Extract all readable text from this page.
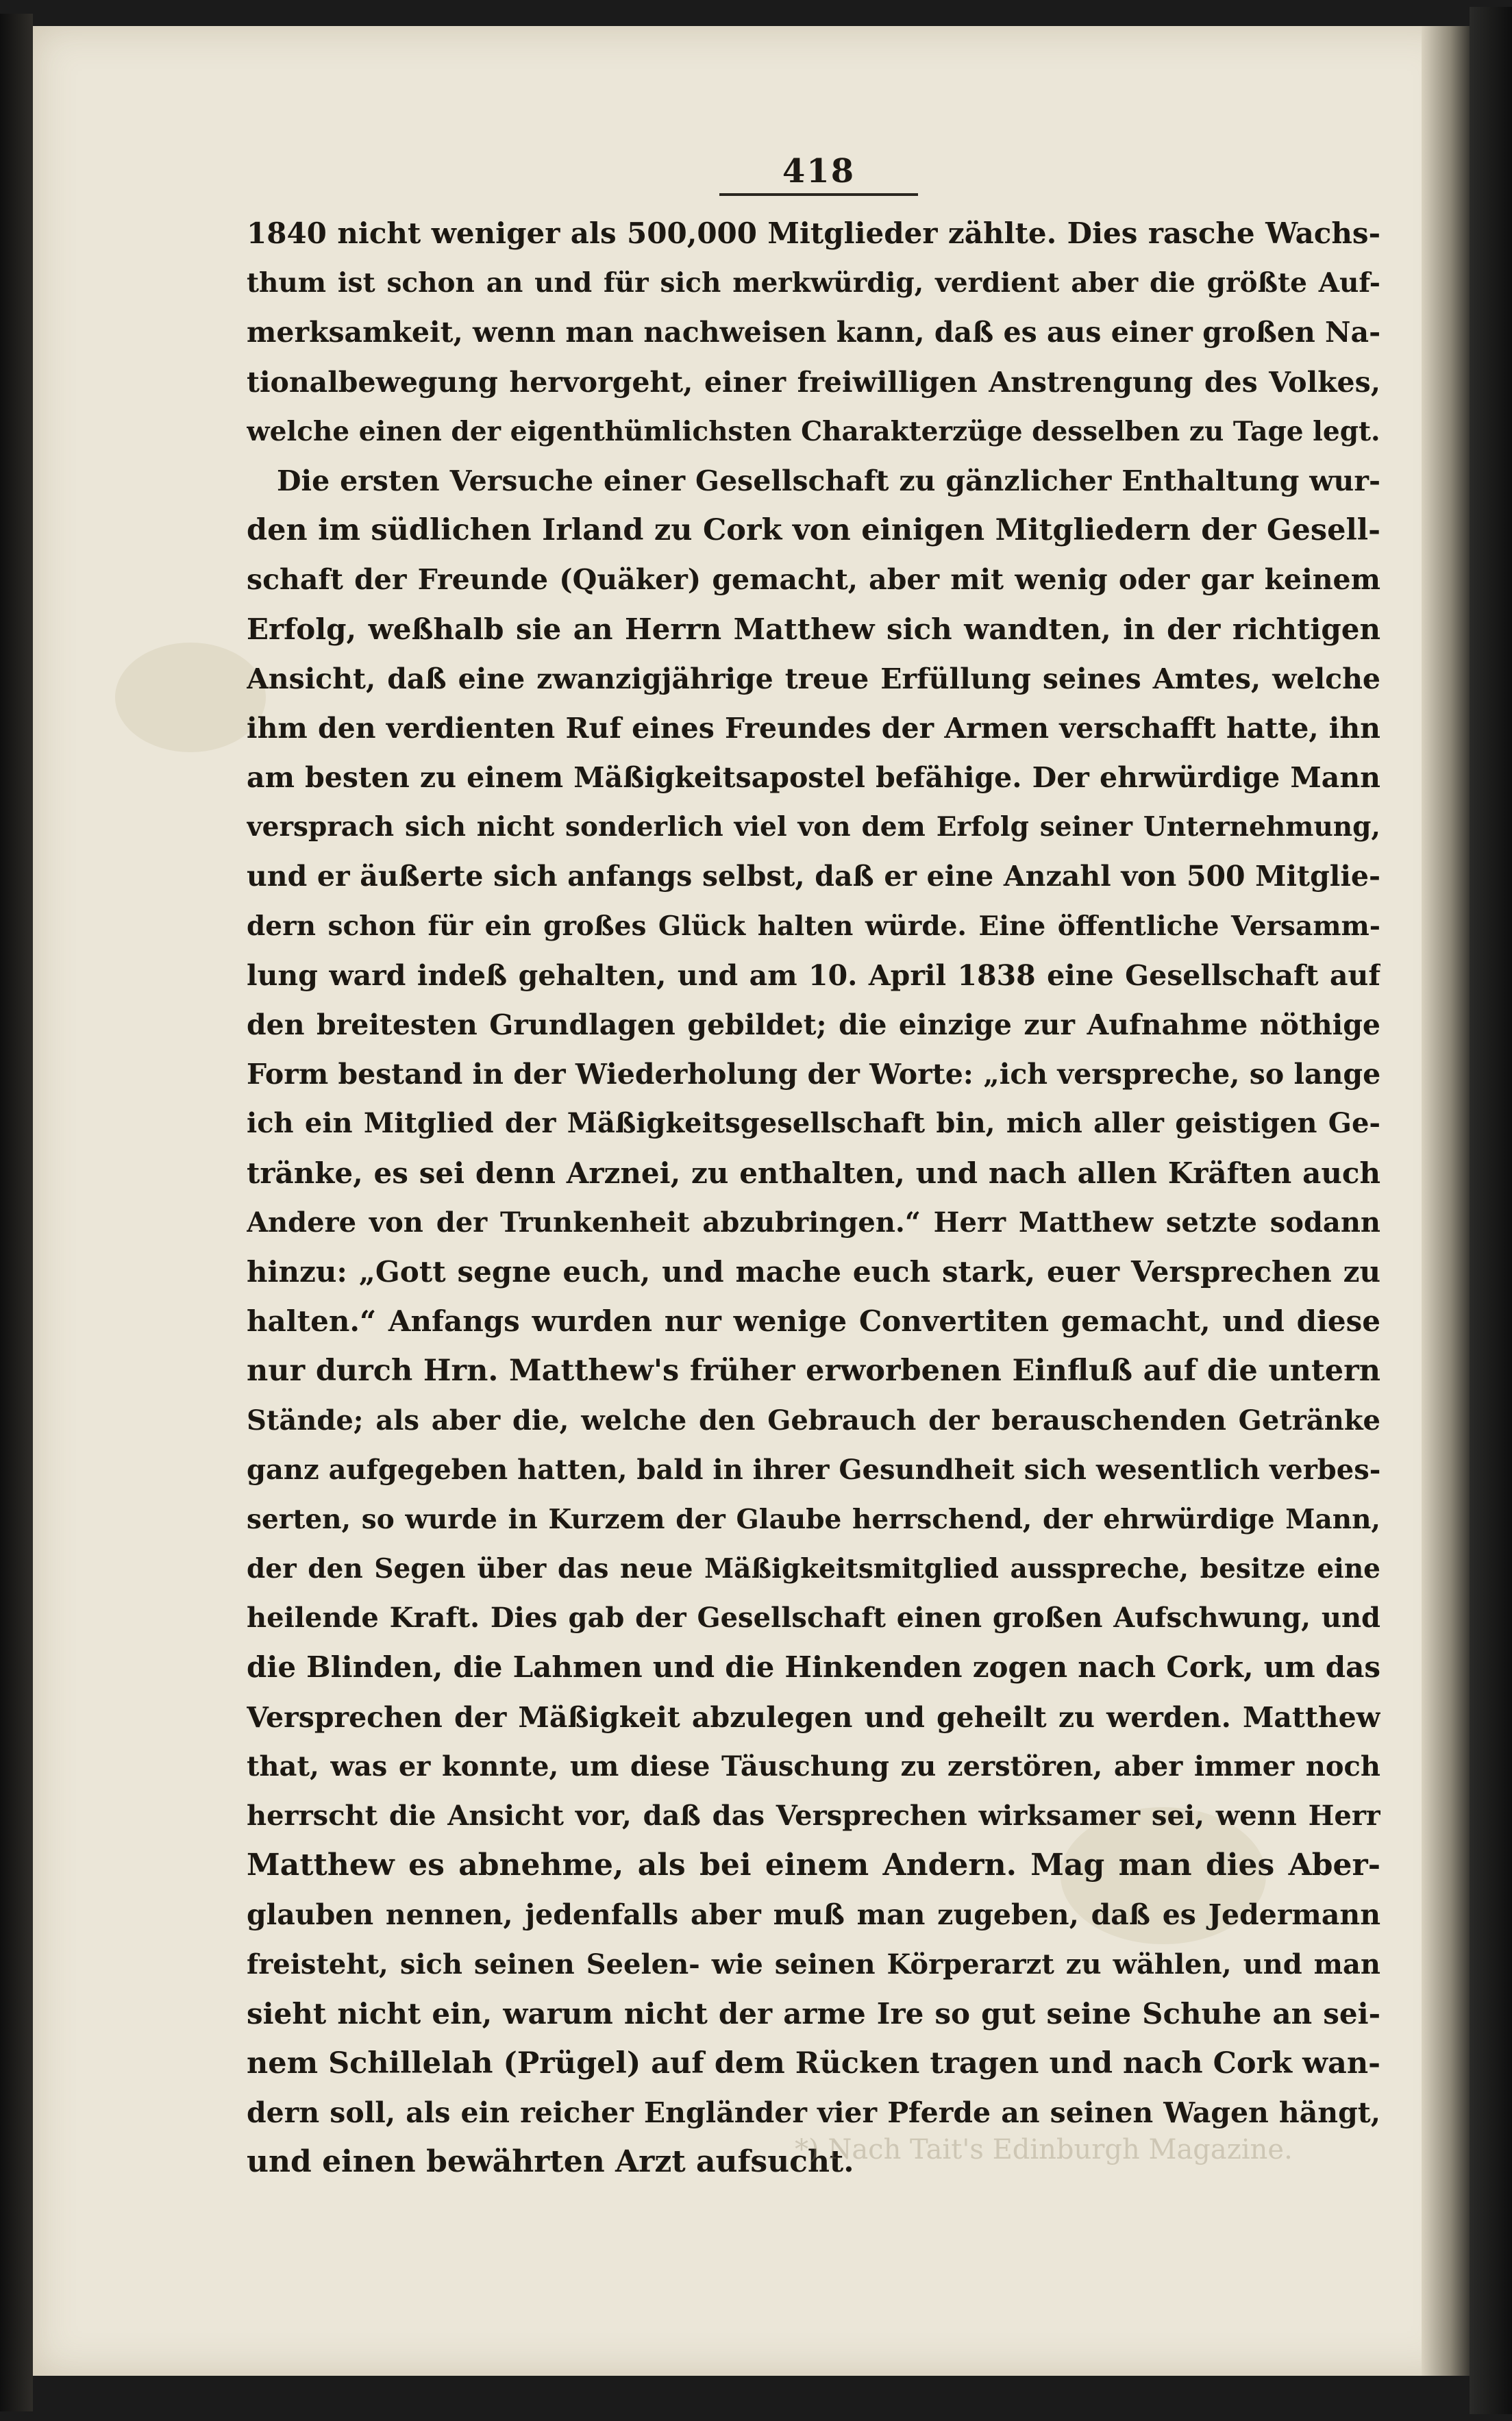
418
1840 nicht weniger als 500,000 Mitglieder zählte. Dies rasche Wachs-
thum ist schon an und für sich merkwürdig, verdient aber die größte Auf-
merksamkeit, wenn man nachweisen kann, daß es aus einer großen Na-
tionalbewegung hervorgeht, einer freiwilligen Anstrengung des Volkes,
welche einen der eigenthümlichsten Charakterzüge desselben zu Tage legt.
Die ersten Versuche einer Gesellschaft zu gänzlicher Enthaltung wur-
den im südlichen Irland zu Cork von einigen Mitgliedern der Gesell-
schaft der Freunde (Quäker) gemacht, aber mit wenig oder gar keinem
Erfolg, weßhalb sie an Herrn Matthew sich wandten, in der richtigen
Ansicht, daß eine zwanzigjährige treue Erfüllung seines Amtes, welche
ihm den verdienten Ruf eines Freundes der Armen verschafft hatte, ihn
am besten zu einem Mäßigkeitsapostel befähige. Der ehrwürdige Mann
versprach sich nicht sonderlich viel von dem Erfolg seiner Unternehmung,
und er äußerte sich anfangs selbst, daß er eine Anzahl von 500 Mitglie-
dern schon für ein großes Glück halten würde. Eine öffentliche Versamm-
lung ward indeß gehalten, und am 10. April 1838 eine Gesellschaft auf
den breitesten Grundlagen gebildet; die einzige zur Aufnahme nöthige
Form bestand in der Wiederholung der Worte: „ich verspreche, so lange
ich ein Mitglied der Mäßigkeitsgesellschaft bin, mich aller geistigen Ge-
tränke, es sei denn Arznei, zu enthalten, und nach allen Kräften auch
Andere von der Trunkenheit abzubringen.“ Herr Matthew setzte sodann
hinzu: „Gott segne euch, und mache euch stark, euer Versprechen zu
halten.“ Anfangs wurden nur wenige Convertiten gemacht, und diese
nur durch Hrn. Matthew's früher erworbenen Einfluß auf die untern
Stände; als aber die, welche den Gebrauch der berauschenden Getränke
ganz aufgegeben hatten, bald in ihrer Gesundheit sich wesentlich verbes-
serten, so wurde in Kurzem der Glaube herrschend, der ehrwürdige Mann,
der den Segen über das neue Mäßigkeitsmitglied ausspreche, besitze eine
heilende Kraft. Dies gab der Gesellschaft einen großen Aufschwung, und
die Blinden, die Lahmen und die Hinkenden zogen nach Cork, um das
Versprechen der Mäßigkeit abzulegen und geheilt zu werden. Matthew
that, was er konnte, um diese Täuschung zu zerstören, aber immer noch
herrscht die Ansicht vor, daß das Versprechen wirksamer sei, wenn Herr
Matthew es abnehme, als bei einem Andern. Mag man dies Aber-
glauben nennen, jedenfalls aber muß man zugeben, daß es Jedermann
freisteht, sich seinen Seelen- wie seinen Körperarzt zu wählen, und man
sieht nicht ein, warum nicht der arme Ire so gut seine Schuhe an sei-
nem Schillelah (Prügel) auf dem Rücken tragen und nach Cork wan-
dern soll, als ein reicher Engländer vier Pferde an seinen Wagen hängt,
und einen bewährten Arzt aufsucht.
*) Nach Tait's Edinburgh Magazine.
